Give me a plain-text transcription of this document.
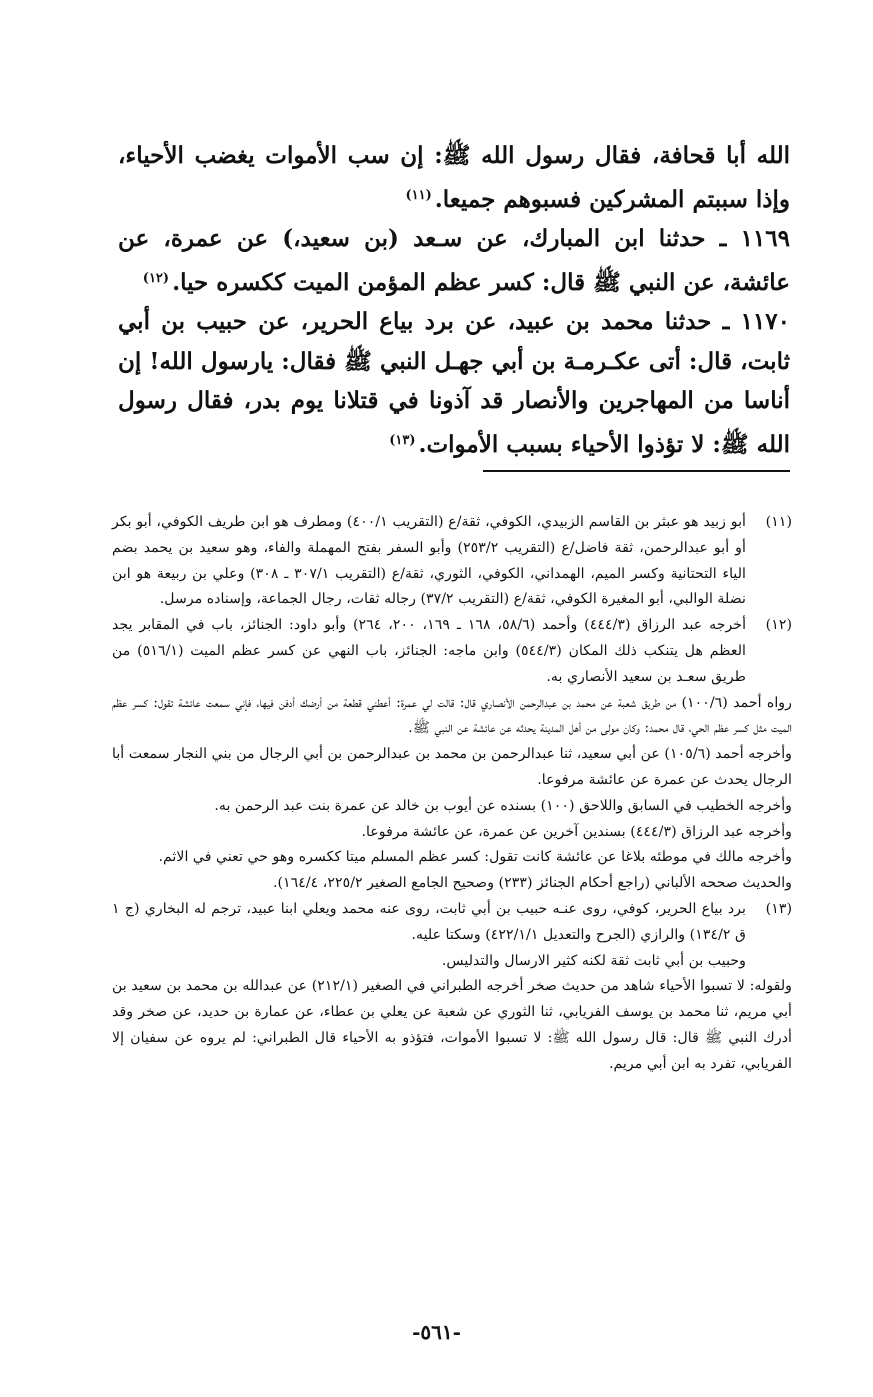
الله أبا قحافة، فقال رسول الله ﷺ: إن سب الأموات يغضب الأحياء، وإذا سببتم المشركين فسبوهم جميعا.$^{(١١)}$

١١٦٩ ـ حدثنا ابن المبارك، عن سـعد (بن سعيد،) عن عمرة، عن عائشة، عن النبي ﷺ قال: كسر عظم المؤمن الميت ككسره حيا.$^{(١٢)}$

١١٧٠ ـ حدثنا محمد بن عبيد، عن برد بياع الحرير، عن حبيب بن أبي ثابت، قال: أتى عكـرمـة بن أبي جهـل النبي ﷺ فقال: يارسول الله! إن أناسا من المهاجرين والأنصار قد آذونا في قتلانا يوم بدر، فقال رسول الله ﷺ: لا تؤذوا الأحياء بسبب الأموات.$^{(١٣)}$

(١١)

أبو زبيد هو عبثر بن القاسم الزبيدي، الكوفي، ثقة/ع (التقريب ٤٠٠/١) ومطرف هو ابن طريف الكوفي، أبو بكر أو أبو عبدالرحمن، ثقة فاضل/ع (التقريب ٢٥٣/٢) وأبو السفر بفتح المهملة والفاء، وهو سعيد بن يحمد بضم الياء التحتانية وكسر الميم، الهمداني، الكوفي، الثوري، ثقة/ع (التقريب ٣٠٧/١ ـ ٣٠٨) وعلي بن ربيعة هو ابن نضلة الوالبي، أبو المغيرة الكوفي، ثقة/ع (التقريب ٣٧/٢) رجاله ثقات، رجال الجماعة، وإسناده مرسل.

(١٢)

أخرجه عبد الرزاق (٤٤٤/٣) وأحمد (٥٨/٦، ١٦٨ ـ ١٦٩، ٢٠٠، ٢٦٤) وأبو داود: الجنائز، باب في المقابر يجد العظم هل يتنكب ذلك المكان (٥٤٤/٣) وابن ماجه: الجنائز، باب النهي عن كسر عظم الميت (٥١٦/١) من طريق سعـد بن سعيد الأنصاري به.

رواه أحمد (١٠٠/٦) من طريق شعبة عن محمد بن عبدالرحمن الأنصاري قال: قالت لي عمرة: أعطني قطعة من أرضك أدفن فيها، فإني سمعت عائشة تقول: كسر عظم الميت مثل كسر عظم الحي، قال محمد: وكان مولى من أهل المدينة يحدثه عن عائشة عن النبي ﷺ.

وأخرجه أحمد (١٠٥/٦) عن أبي سعيد، ثنا عبدالرحمن بن محمد بن عبدالرحمن بن أبي الرجال من بني النجار سمعت أبا الرجال يحدث عن عمرة عن عائشة مرفوعا.

وأخرجه الخطيب في السابق واللاحق (١٠٠) بسنده عن أيوب بن خالد عن عمرة بنت عبد الرحمن به.

وأخرجه عبد الرزاق (٤٤٤/٣) بسندين آخرين عن عمرة، عن عائشة مرفوعا.

وأخرجه مالك في موطئه بلاغا عن عائشة كانت تقول: كسر عظم المسلم ميتا ككسره وهو حي تعني في الاثم.

والحديث صححه الألباني (راجع أحكام الجنائز (٢٣٣) وصحيح الجامع الصغير ٢٢٥/٢، ١٦٤/٤).

(١٣)

برد بياع الحرير، كوفي، روى عنـه حبيب بن أبي ثابت، روى عنه محمد ويعلي ابنا عبيد، ترجم له البخاري (ج ١ ق ١٣٤/٢) والرازي (الجرح والتعديل ٤٢٢/١/١) وسكتا عليه.

وحبيب بن أبي ثابت ثقة لكنه كثير الارسال والتدليس.

ولقوله: لا تسبوا الأحياء شاهد من حديث صخر أخرجه الطبراني في الصغير (٢١٢/١) عن عبدالله بن محمد بن سعيد بن أبي مريم، ثنا محمد بن يوسف الفريابي، ثنا الثوري عن شعبة عن يعلي بن عطاء، عن عمارة بن حديد، عن صخر وقد أدرك النبي ﷺ قال: قال رسول الله ﷺ: لا تسبوا الأموات، فتؤذو به الأحياء قال الطبراني: لم يروه عن سفيان إلا الفريابي، تفرد به ابن أبي مريم.

-٥٦١-
